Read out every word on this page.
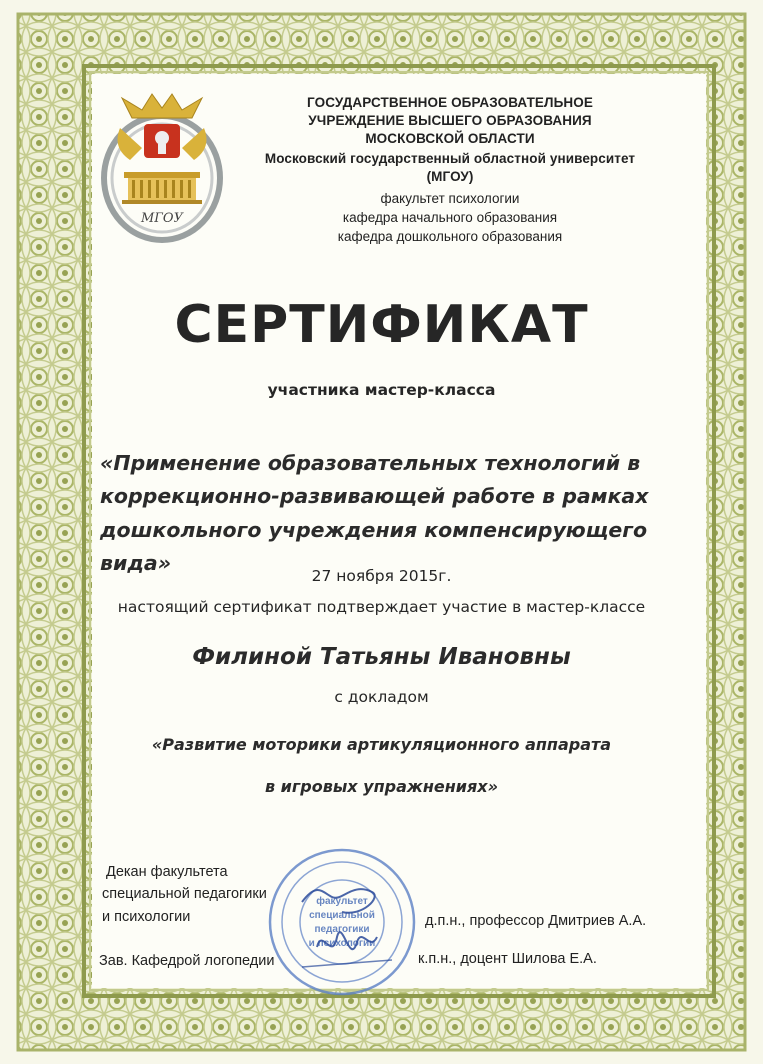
МГОУ
ГОСУДАРСТВЕННОЕ ОБРАЗОВАТЕЛЬНОЕ
УЧРЕЖДЕНИЕ ВЫСШЕГО ОБРАЗОВАНИЯ
МОСКОВСКОЙ ОБЛАСТИ
Московский государственный областной университет
(МГОУ)
факультет психологии
кафедра начального образования
кафедра дошкольного образования
СЕРТИФИКАТ
участника мастер-класса
«Применение образовательных технологий в
коррекционно-развивающей работе в рамках
дошкольного учреждения компенсирующего вида»
27 ноября 2015г.
настоящий сертификат подтверждает участие в мастер-классе
Филиной Татьяны Ивановны
с докладом
«Развитие моторики артикуляционного аппарата
в игровых упражнениях»
факультет
специальной
педагогики
и психологии
Декан факультета
специальной педагогики
и психологии	д.п.н., профессор Дмитриев А.А.
Зав. Кафедрой логопедии	к.п.н., доцент Шилова Е.А.
